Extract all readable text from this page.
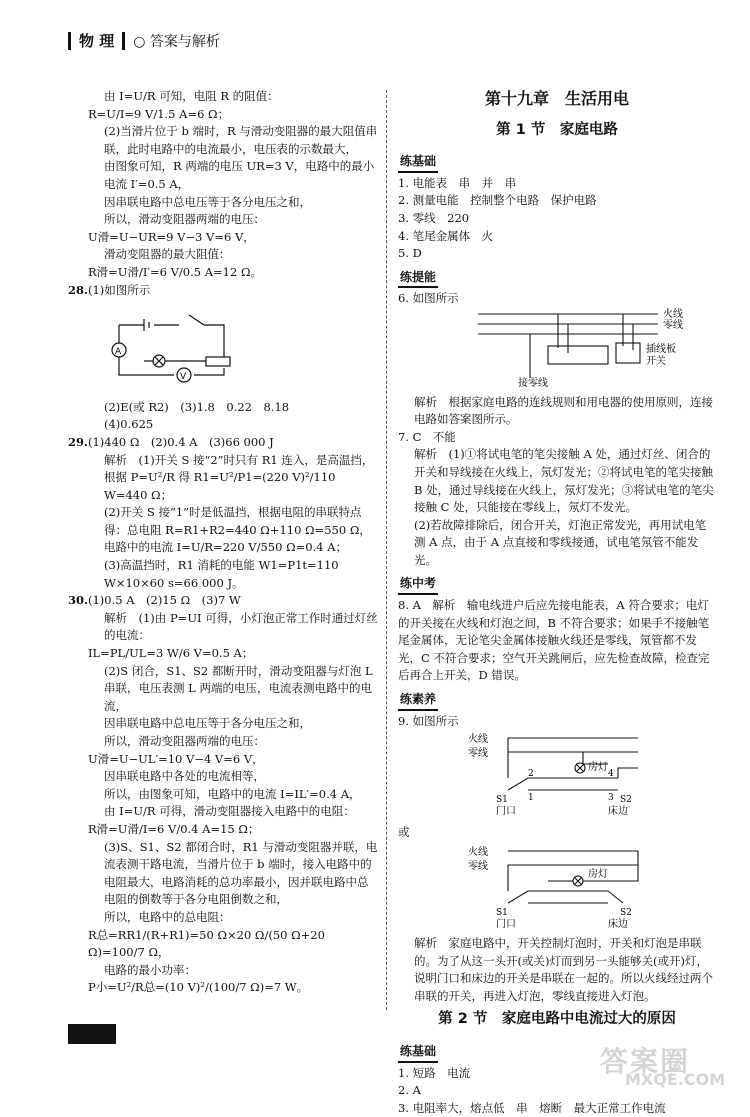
物 理 ○ 答案与解析

由 I=U/R 可知，电阻 R 的阻值：

R=U/I=9 V/1.5 A=6 Ω；

(2)当滑片位于 b 端时，R 与滑动变阻器的最大阻值串联，此时电路中的电流最小，电压表的示数最大，

由图象可知，R 两端的电压 UR=3 V，电路中的最小电流 I′=0.5 A，

因串联电路中总电压等于各分电压之和，

所以，滑动变阻器两端的电压：

U滑=U−UR=9 V−3 V=6 V，

滑动变阻器的最大阻值：

R滑=U滑/I′=6 V/0.5 A=12 Ω。

28.(1)如图所示

A
V

(2)E(或 R2)　(3)1.8　0.22　8.18

(4)0.625

29.(1)440 Ω　(2)0.4 A　(3)66 000 J

解析　(1)开关 S 接“2”时只有 R1 连入，是高温挡，根据 P=U²/R 得 R1=U²/P1=(220 V)²/110 W=440 Ω；

(2)开关 S 接“1”时是低温挡，根据电阻的串联特点得：总电阻 R=R1+R2=440 Ω+110 Ω=550 Ω，电路中的电流 I=U/R=220 V/550 Ω=0.4 A；

(3)高温挡时，R1 消耗的电能 W1=P1t=110 W×10×60 s=66 000 J。

30.(1)0.5 A　(2)15 Ω　(3)7 W

解析　(1)由 P=UI 可得，小灯泡正常工作时通过灯丝的电流：

IL=PL/UL=3 W/6 V=0.5 A；

(2)S 闭合，S1、S2 都断开时，滑动变阻器与灯泡 L 串联，电压表测 L 两端的电压，电流表测电路中的电流，

因串联电路中总电压等于各分电压之和，

所以，滑动变阻器两端的电压：

U滑=U−UL′=10 V−4 V=6 V，

因串联电路中各处的电流相等，

所以，由图象可知，电路中的电流 I=IL′=0.4 A，

由 I=U/R 可得，滑动变阻器接入电路中的电阻：

R滑=U滑/I=6 V/0.4 A=15 Ω；

(3)S、S1、S2 都闭合时，R1 与滑动变阻器并联，电流表测干路电流，当滑片位于 b 端时，接入电路中的电阻最大，电路消耗的总功率最小，因并联电路中总电阻的倒数等于各分电阻倒数之和，

所以，电路中的总电阻：

R总=RR1/(R+R1)=50 Ω×20 Ω/(50 Ω+20 Ω)=100/7 Ω，

电路的最小功率：

P小=U²/R总=(10 V)²/(100/7 Ω)=7 W。

第十九章　生活用电
第 1 节　家庭电路
练基础

1. 电能表　串　并　串

2. 测量电能　控制整个电路　保护电路

3. 零线　220

4. 笔尾金属体　火

5. D

练提能

6. 如图所示

火线
零线
插线板
开关
接零线

解析　根据家庭电路的连线规则和用电器的使用原则，连接电路如答案图所示。

7. C　不能

解析　(1)①将试电笔的笔尖接触 A 处，通过灯丝、闭合的开关和导线接在火线上，氖灯发光；②将试电笔的笔尖接触 B 处，通过导线接在火线上，氖灯发光；③将试电笔的笔尖接触 C 处，只能接在零线上，氖灯不发光。

(2)若故障排除后，闭合开关，灯泡正常发光，再用试电笔测 A 点，由于 A 点直接和零线接通，试电笔氖管不能发光。

练中考

8. A　解析　输电线进户后应先接电能表，A 符合要求；电灯的开关接在火线和灯泡之间，B 不符合要求；如果手不接触笔尾金属体，无论笔尖金属体接触火线还是零线，氖管都不发光，C 不符合要求；空气开关跳闸后，应先检查故障，检查完后再合上开关，D 错误。

练素养

9. 如图所示

火线
零线
房灯
2
1
4
3
S1	S2
门口	床边

或

火线
零线
房灯
S1	S2
门口	床边

解析　家庭电路中，开关控制灯泡时，开关和灯泡是串联的。为了从这一头开(或关)灯而到另一头能够关(或开)灯，说明门口和床边的开关是串联在一起的。所以火线经过两个串联的开关，再进入灯泡，零线直接进入灯泡。

第 2 节　家庭电路中电流过大的原因
练基础

1. 短路　电流

2. A

3. 电阻率大，熔点低　串　熔断　最大正常工作电流

答案圈
MXQE.COM
